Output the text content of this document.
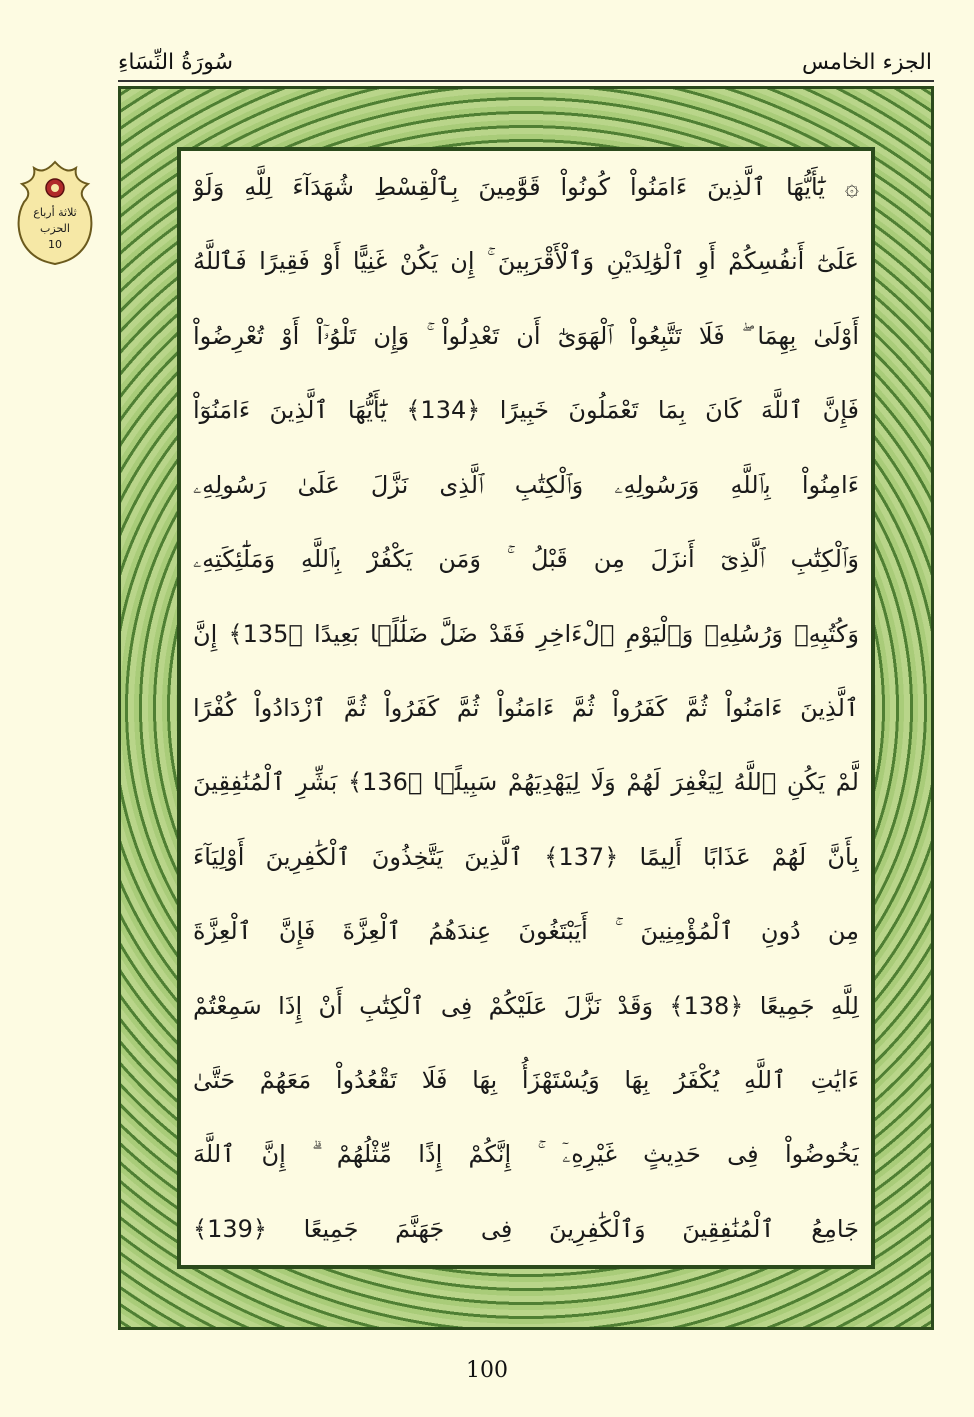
سُورَةُ النِّسَاءِ	الجزء الخامس
ثلاثة أرباع
الحزب
10
۞ يَٰٓأَيُّهَا ٱلَّذِينَ ءَامَنُواْ كُونُواْ قَوَّٰمِينَ بِٱلْقِسْطِ شُهَدَآءَ لِلَّهِ وَلَوْ
عَلَىٰٓ أَنفُسِكُمْ أَوِ ٱلْوَٰلِدَيْنِ وَٱلْأَقْرَبِينَ ۚ إِن يَكُنْ غَنِيًّا أَوْ فَقِيرًا فَٱللَّهُ
أَوْلَىٰ بِهِمَا ۖ فَلَا تَتَّبِعُواْ ٱلْهَوَىٰٓ أَن تَعْدِلُواْ ۚ وَإِن تَلْوُۥٓاْ أَوْ تُعْرِضُواْ
فَإِنَّ ٱللَّهَ كَانَ بِمَا تَعْمَلُونَ خَبِيرًا ﴿134﴾ يَٰٓأَيُّهَا ٱلَّذِينَ ءَامَنُوٓاْ
ءَامِنُواْ بِٱللَّهِ وَرَسُولِهِۦ وَٱلْكِتَٰبِ ٱلَّذِى نَزَّلَ عَلَىٰ رَسُولِهِۦ
وَٱلْكِتَٰبِ ٱلَّذِىٓ أَنزَلَ مِن قَبْلُ ۚ وَمَن يَكْفُرْ بِٱللَّهِ وَمَلَٰٓئِكَتِهِۦ
وَكُتُبِهِۦ وَرُسُلِهِۦ وَٱلْيَوْمِ ٱلْءَاخِرِ فَقَدْ ضَلَّ ضَلَٰلًۢا بَعِيدًا ﴿135﴾ إِنَّ
ٱلَّذِينَ ءَامَنُواْ ثُمَّ كَفَرُواْ ثُمَّ ءَامَنُواْ ثُمَّ كَفَرُواْ ثُمَّ ٱزْدَادُواْ كُفْرًا
لَّمْ يَكُنِ ٱللَّهُ لِيَغْفِرَ لَهُمْ وَلَا لِيَهْدِيَهُمْ سَبِيلًۢا ﴿136﴾ بَشِّرِ ٱلْمُنَٰفِقِينَ
بِأَنَّ لَهُمْ عَذَابًا أَلِيمًا ﴿137﴾ ٱلَّذِينَ يَتَّخِذُونَ ٱلْكَٰفِرِينَ أَوْلِيَآءَ
مِن دُونِ ٱلْمُؤْمِنِينَ ۚ أَيَبْتَغُونَ عِندَهُمُ ٱلْعِزَّةَ فَإِنَّ ٱلْعِزَّةَ
لِلَّهِ جَمِيعًا ﴿138﴾ وَقَدْ نَزَّلَ عَلَيْكُمْ فِى ٱلْكِتَٰبِ أَنْ إِذَا سَمِعْتُمْ
ءَايَٰتِ ٱللَّهِ يُكْفَرُ بِهَا وَيُسْتَهْزَأُ بِهَا فَلَا تَقْعُدُواْ مَعَهُمْ حَتَّىٰ
يَخُوضُواْ فِى حَدِيثٍ غَيْرِهِۦٓ ۚ إِنَّكُمْ إِذًا مِّثْلُهُمْ ۗ إِنَّ ٱللَّهَ
جَامِعُ ٱلْمُنَٰفِقِينَ وَٱلْكَٰفِرِينَ فِى جَهَنَّمَ جَمِيعًا ﴿139﴾
100
